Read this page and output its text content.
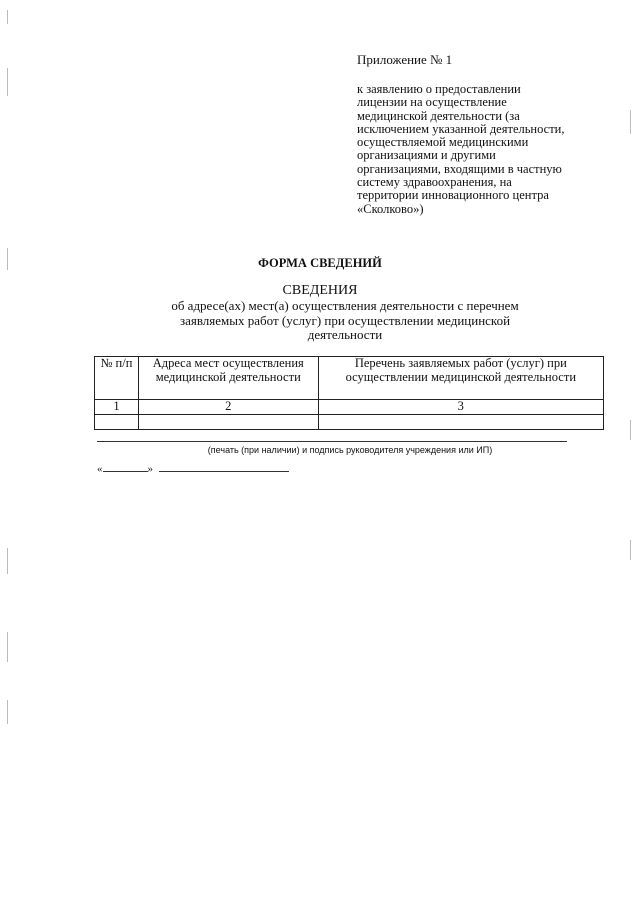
Приложение № 1
к заявлению о предоставлении
лицензии на осуществление
медицинской деятельности (за
исключением указанной деятельности,
осуществляемой медицинскими
организациями и другими
организациями, входящими в частную
систему здравоохранения, на
территории инновационного центра
«Сколково»)
ФОРМА СВЕДЕНИЙ
СВЕДЕНИЯ
об адресе(ах) мест(а) осуществления деятельности с перечнем
заявляемых работ (услуг) при осуществлении медицинской
деятельности
№ п/п	Адреса мест осуществления медицинской деятельности	Перечень заявляемых работ (услуг) при осуществлении медицинской деятельности
1	2	3

(печать (при наличии) и подпись руководителя учреждения или ИП)
«	»
